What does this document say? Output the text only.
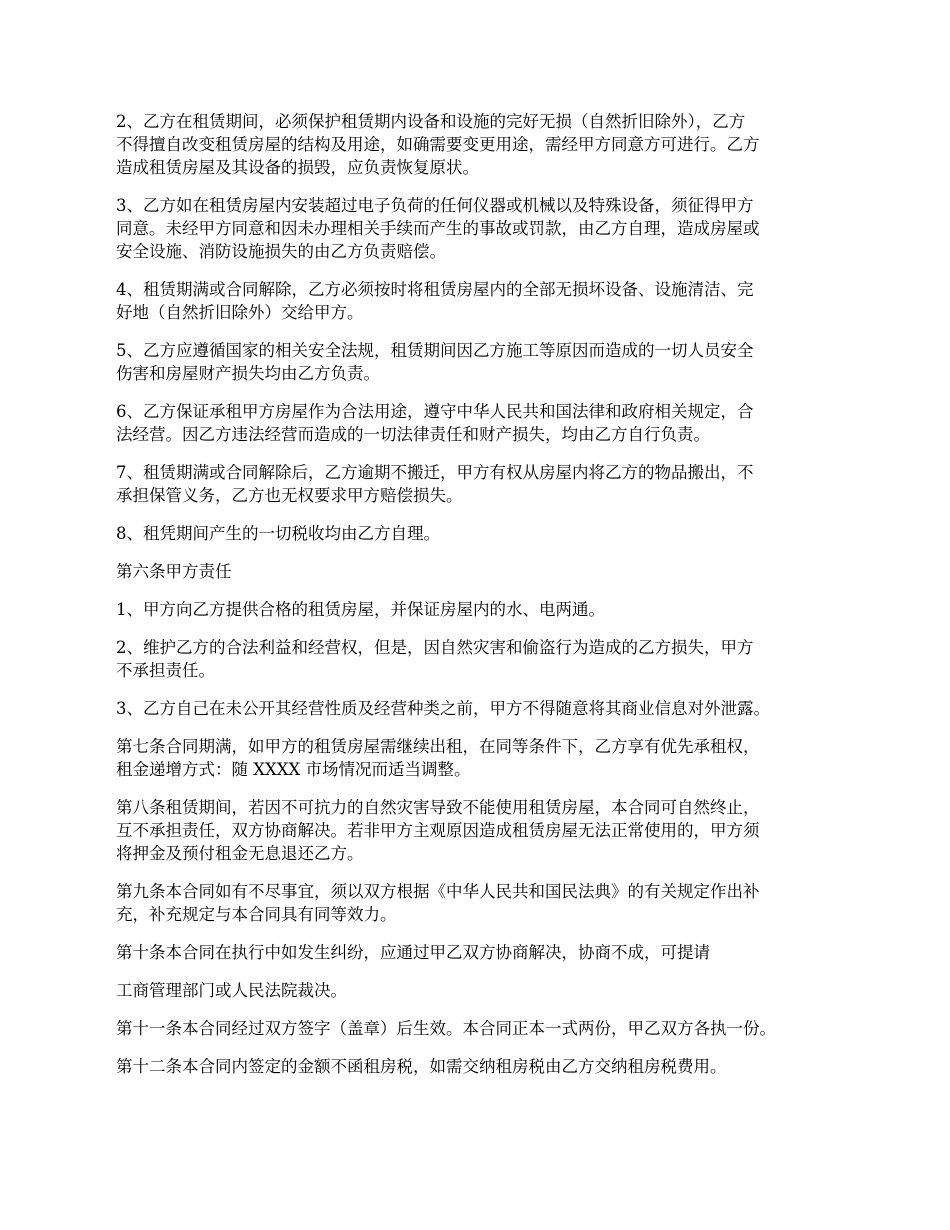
2、乙方在租赁期间，必须保护租赁期内设备和设施的完好无损（自然折旧除外），乙方
不得擅自改变租赁房屋的结构及用途，如确需要变更用途，需经甲方同意方可进行。乙方
造成租赁房屋及其设备的损毁，应负责恢复原状。

3、乙方如在租赁房屋内安装超过电子负荷的任何仪器或机械以及特殊设备，须征得甲方
同意。未经甲方同意和因未办理相关手续而产生的事故或罚款，由乙方自理，造成房屋或
安全设施、消防设施损失的由乙方负责赔偿。

4、租赁期满或合同解除，乙方必须按时将租赁房屋内的全部无损坏设备、设施清洁、完
好地（自然折旧除外）交给甲方。

5、乙方应遵循国家的相关安全法规，租赁期间因乙方施工等原因而造成的一切人员安全
伤害和房屋财产损失均由乙方负责。

6、乙方保证承租甲方房屋作为合法用途，遵守中华人民共和国法律和政府相关规定，合
法经营。因乙方违法经营而造成的一切法律责任和财产损失，均由乙方自行负责。

7、租赁期满或合同解除后，乙方逾期不搬迁，甲方有权从房屋内将乙方的物品搬出，不
承担保管义务，乙方也无权要求甲方赔偿损失。

8、租凭期间产生的一切税收均由乙方自理。

第六条甲方责任

1、甲方向乙方提供合格的租赁房屋，并保证房屋内的水、电两通。

2、维护乙方的合法利益和经营权，但是，因自然灾害和偷盗行为造成的乙方损失，甲方
不承担责任。

3、乙方自己在未公开其经营性质及经营种类之前，甲方不得随意将其商业信息对外泄露。

第七条合同期满，如甲方的租赁房屋需继续出租，在同等条件下，乙方享有优先承租权，
租金递增方式：随 XXXX 市场情况而适当调整。

第八条租赁期间，若因不可抗力的自然灾害导致不能使用租赁房屋，本合同可自然终止，
互不承担责任，双方协商解决。若非甲方主观原因造成租赁房屋无法正常使用的，甲方须
将押金及预付租金无息退还乙方。

第九条本合同如有不尽事宜，须以双方根据《中华人民共和国民法典》的有关规定作出补
充，补充规定与本合同具有同等效力。

第十条本合同在执行中如发生纠纷，应通过甲乙双方协商解决，协商不成，可提请

工商管理部门或人民法院裁决。

第十一条本合同经过双方签字（盖章）后生效。本合同正本一式两份，甲乙双方各执一份。

第十二条本合同内签定的金额不函租房税，如需交纳租房税由乙方交纳租房税费用。
